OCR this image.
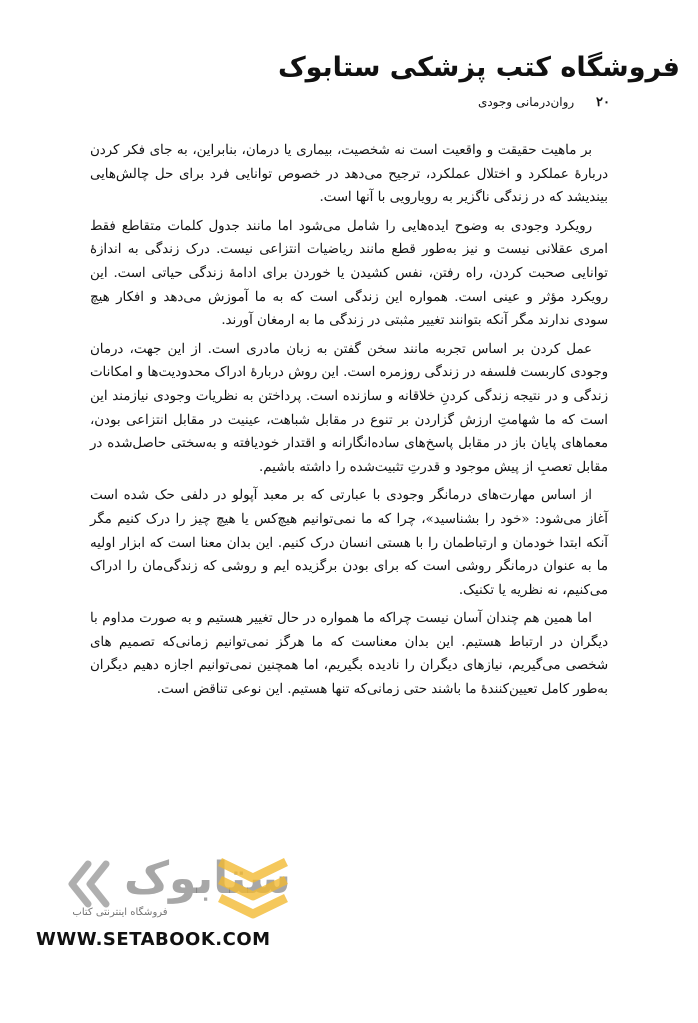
فروشگاه کتب پزشکی ستابوک
۲۰ روان‌درمانی وجودی

بر ماهیت حقیقت و واقعیت است نه شخصیت، بیماری یا درمان، بنابراین، به جای فکر کردن دربارهٔ عملکرد و اختلال عملکرد، ترجیح می‌دهد در خصوص توانایی فرد برای حل چالش‌هایی بیندیشد که در زندگی ناگزیر به رویارویی با آنها است.

رویکرد وجودی به وضوح ایده‌هایی را شامل می‌شود اما مانند جدول کلمات متقاطع فقط امری عقلانی نیست و نیز به‌طور قطع مانند ریاضیات انتزاعی نیست. درک زندگی به اندازهٔ توانایی صحبت کردن، راه رفتن، نفس کشیدن یا خوردن برای ادامهٔ زندگی حیاتی است. این رویکرد مؤثر و عینی است. همواره این زندگی است که به ما آموزش می‌دهد و افکار هیچ سودی ندارند مگر آنکه بتوانند تغییر مثبتی در زندگی ما به ارمغان آورند.

عمل کردن بر اساس تجربه مانند سخن گفتن به زبان مادری است. از این جهت، درمان وجودی کاربست فلسفه در زندگی روزمره است. این روش دربارهٔ ادراک محدودیت‌ها و امکانات زندگی و در نتیجه زندگی کردنِ خلاقانه و سازنده است. پرداختن به نظریات وجودی نیازمند این است که ما شهامتِ ارزش گزاردن بر تنوع در مقابل شباهت، عینیت در مقابل انتزاعی بودن، معماهای پایان باز در مقابل پاسخ‌های ساده‌انگارانه و اقتدار خودیافته و به‌سختی حاصل‌شده در مقابل تعصبِ از پیش موجود و قدرتِ تثبیت‌شده را داشته باشیم.

از اساس مهارت‌های درمانگر وجودی با عبارتی که بر معبد آپولو در دلفی حک شده است آغاز می‌شود: «خود را بشناسید»، چرا که ما نمی‌توانیم هیچ‌کس یا هیچ چیز را درک کنیم مگر آنکه ابتدا خودمان و ارتباطمان را با هستی انسان درک کنیم. این بدان معنا است که ابزار اولیه ما به عنوان درمانگر روشی است که برای بودن برگزیده ایم و روشی که زندگی‌مان را ادراک می‌کنیم، نه نظریه یا تکنیک.

اما همین هم چندان آسان نیست چراکه ما همواره در حال تغییر هستیم و به صورت مداوم با دیگران در ارتباط هستیم. این بدان معناست که ما هرگز نمی‌توانیم زمانی‌که تصمیم های شخصی می‌گیریم، نیازهای دیگران را نادیده بگیریم، اما همچنین نمی‌توانیم اجازه دهیم دیگران به‌طور کامل تعیین‌کنندهٔ ما باشند حتی زمانی‌که تنها هستیم. این نوعی تناقض است.

ستابوک
فروشگاه اینترنتی کتاب
WWW.SETABOOK.COM
